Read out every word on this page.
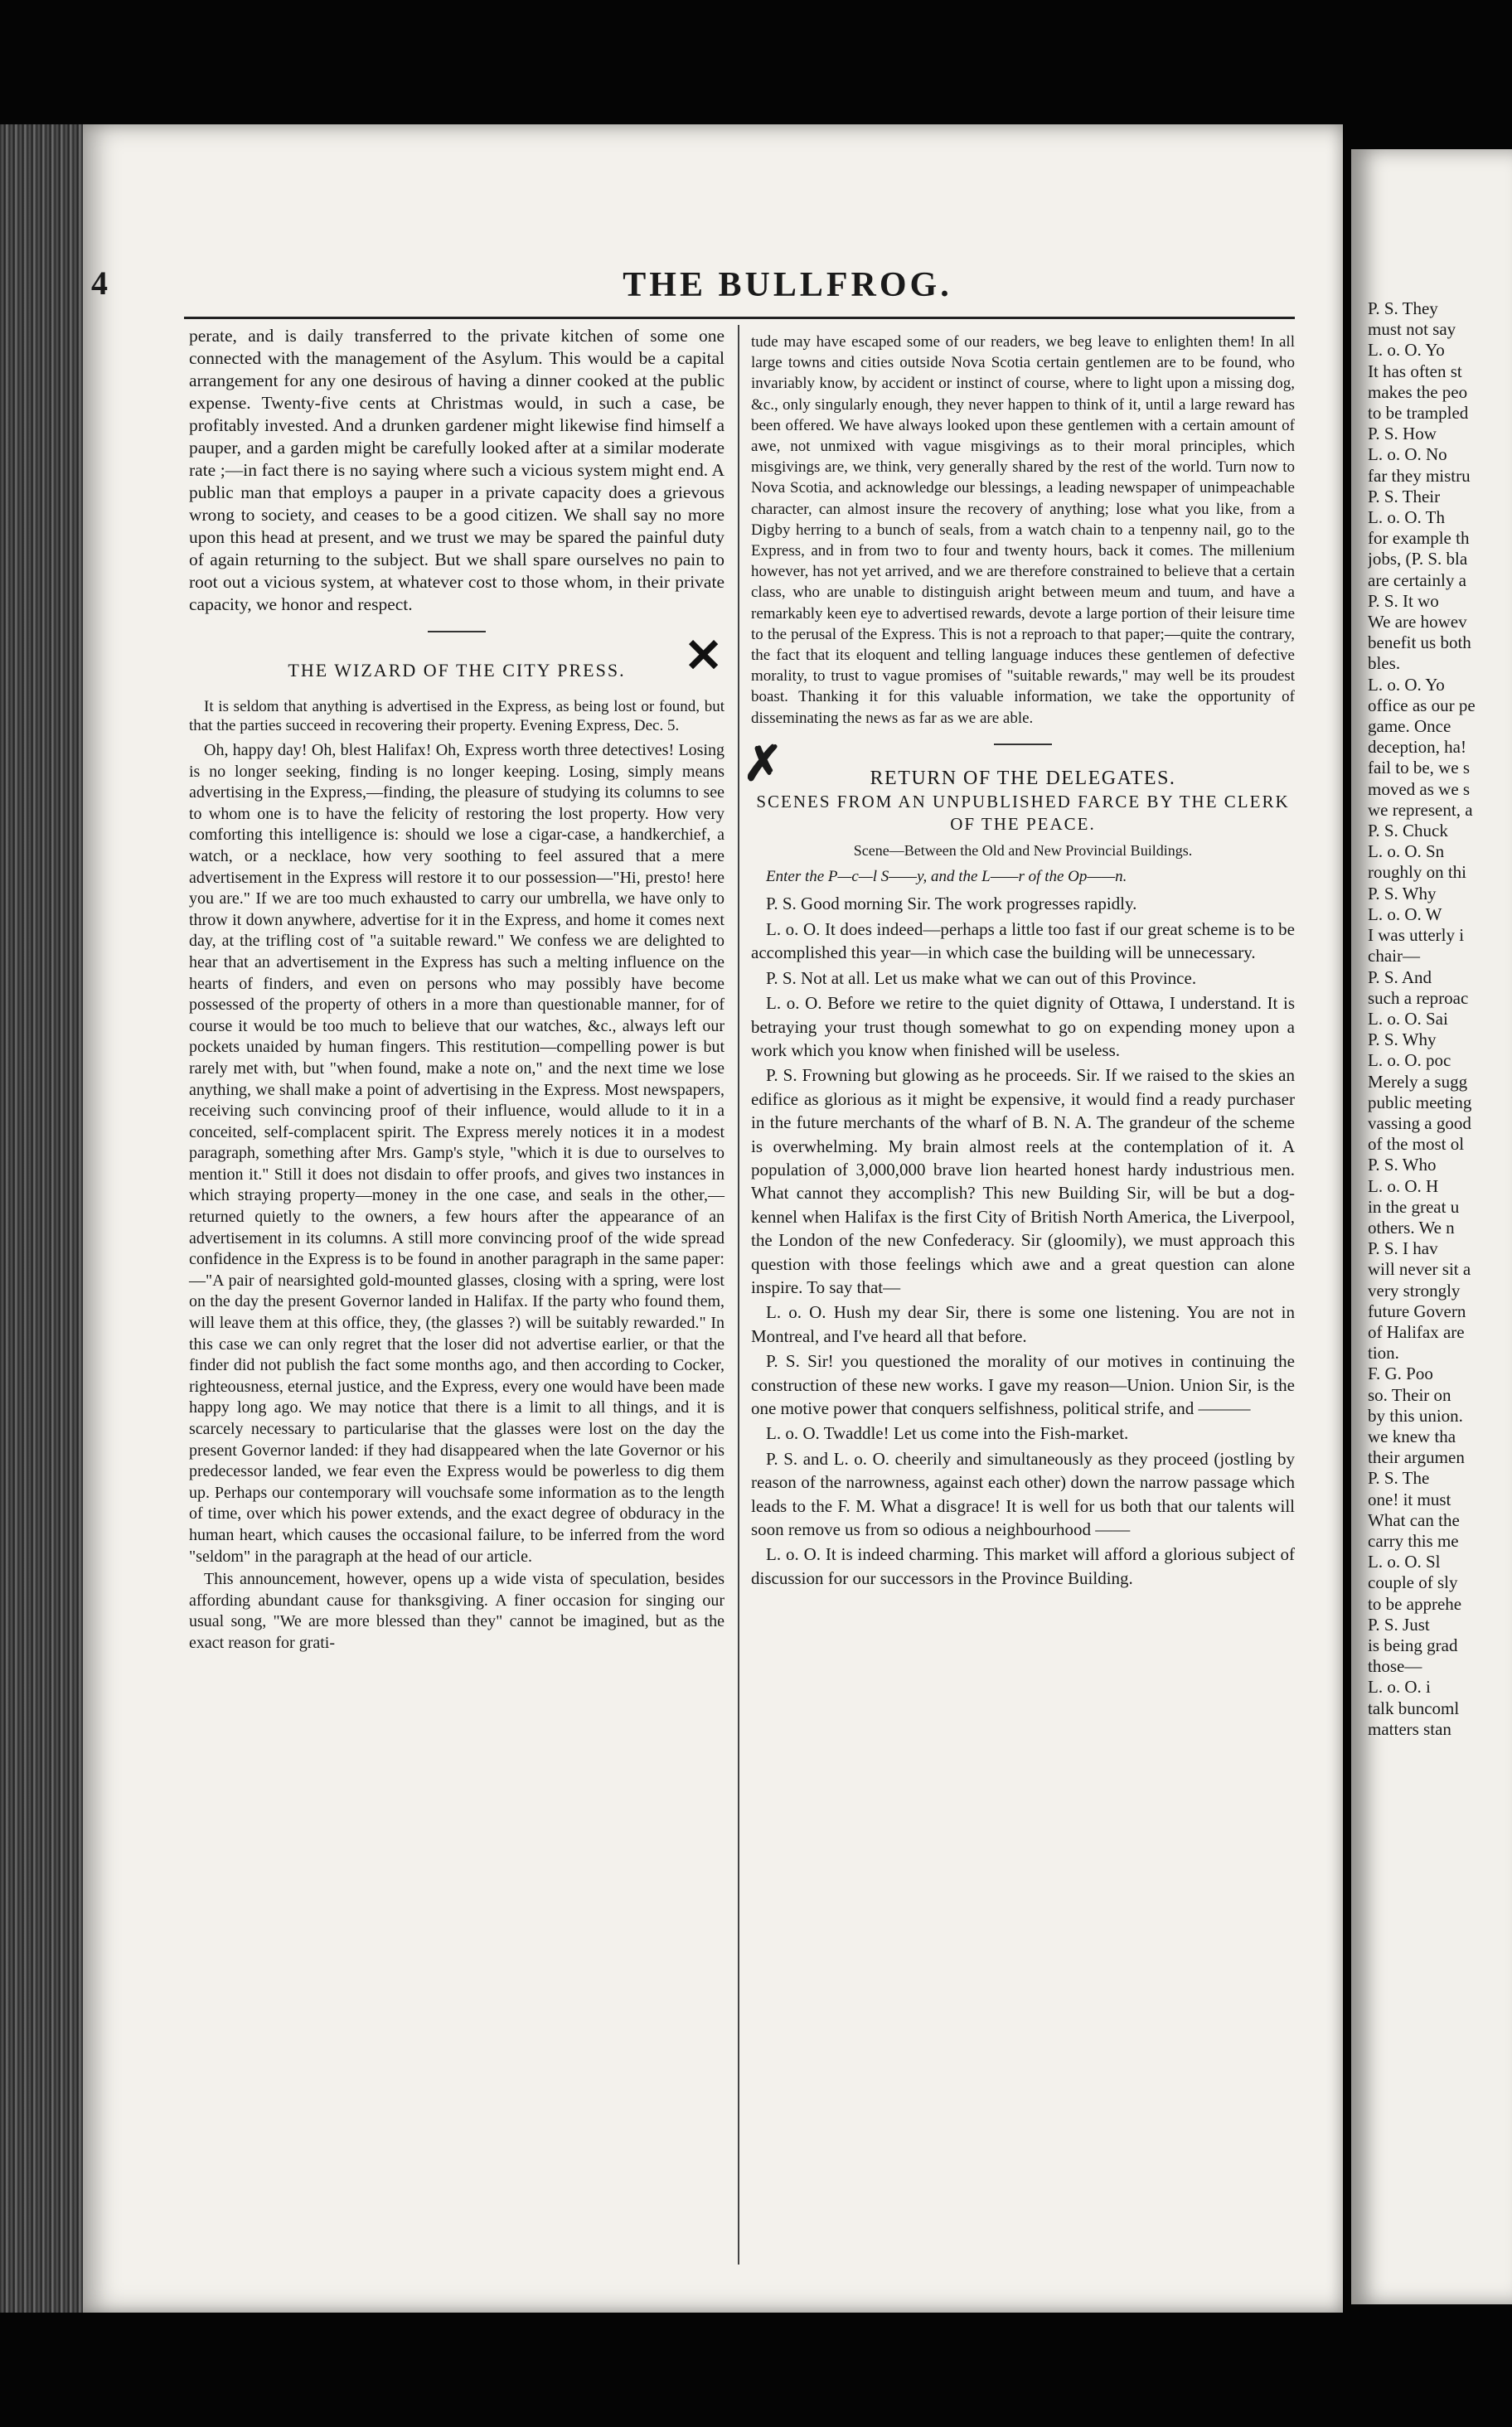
P. S. They
must not say
L. o. O. Yo
It has often st
makes the peo
to be trampled
P. S. How
L. o. O. No
far they mistru
P. S. Their
L. o. O. Th
for example th
jobs, (P. S. bla
are certainly a
P. S. It wo
We are howev
benefit us both
bles.
L. o. O. Yo
office as our pe
game. Once
deception, ha!
fail to be, we s
moved as we s
we represent, a
P. S. Chuck
L. o. O. Sn
roughly on thi
P. S. Why
L. o. O. W
I was utterly i
chair—
P. S. And
such a reproac
L. o. O. Sai
P. S. Why
L. o. O. poc
Merely a sugg
public meeting
vassing a good
of the most ol
P. S. Who
L. o. O. H
in the great u
others. We n
P. S. I hav
will never sit a
very strongly
future Govern
of Halifax are
tion.
F. G. Poo
so. Their on
by this union.
we knew tha
their argumen
P. S. The
one! it must
What can the
carry this me
L. o. O. Sl
couple of sly
to be apprehe
P. S. Just
is being grad
those—
L. o. O. i
talk buncoml
matters stan
4	THE BULLFROG.

perate, and is daily transferred to the private kitchen of some one connected with the management of the Asylum. This would be a capital arrangement for any one desirous of having a dinner cooked at the public expense. Twenty-five cents at Christmas would, in such a case, be profitably invested. And a drunken gardener might likewise find himself a pauper, and a garden might be carefully looked after at a similar moderate rate ;—in fact there is no saying where such a vicious system might end. A public man that employs a pauper in a private capacity does a grievous wrong to society, and ceases to be a good citizen. We shall say no more upon this head at present, and we trust we may be spared the painful duty of again returning to the subject. But we shall spare ourselves no pain to root out a vicious system, at whatever cost to those whom, in their private capacity, we honor and respect.

THE WIZARD OF THE CITY PRESS. ✕

It is seldom that anything is advertised in the Express, as being lost or found, but that the parties succeed in recovering their property. Evening Express, Dec. 5.

Oh, happy day! Oh, blest Halifax! Oh, Express worth three detectives! Losing is no longer seeking, finding is no longer keeping. Losing, simply means advertising in the Express,—finding, the pleasure of studying its columns to see to whom one is to have the felicity of restoring the lost property. How very comforting this intelligence is: should we lose a cigar-case, a handkerchief, a watch, or a necklace, how very soothing to feel assured that a mere advertisement in the Express will restore it to our possession—"Hi, presto! here you are." If we are too much exhausted to carry our umbrella, we have only to throw it down anywhere, advertise for it in the Express, and home it comes next day, at the trifling cost of "a suitable reward." We confess we are delighted to hear that an advertisement in the Express has such a melting influence on the hearts of finders, and even on persons who may possibly have become possessed of the property of others in a more than questionable manner, for of course it would be too much to believe that our watches, &c., always left our pockets unaided by human fingers. This restitution—compelling power is but rarely met with, but "when found, make a note on," and the next time we lose anything, we shall make a point of advertising in the Express. Most newspapers, receiving such convincing proof of their influence, would allude to it in a conceited, self-complacent spirit. The Express merely notices it in a modest paragraph, something after Mrs. Gamp's style, "which it is due to ourselves to mention it." Still it does not disdain to offer proofs, and gives two instances in which straying property—money in the one case, and seals in the other,—returned quietly to the owners, a few hours after the appearance of an advertisement in its columns. A still more convincing proof of the wide spread confidence in the Express is to be found in another paragraph in the same paper:—"A pair of nearsighted gold-mounted glasses, closing with a spring, were lost on the day the present Governor landed in Halifax. If the party who found them, will leave them at this office, they, (the glasses ?) will be suitably rewarded." In this case we can only regret that the loser did not advertise earlier, or that the finder did not publish the fact some months ago, and then according to Cocker, righteousness, eternal justice, and the Express, every one would have been made happy long ago. We may notice that there is a limit to all things, and it is scarcely necessary to particularise that the glasses were lost on the day the present Governor landed: if they had disappeared when the late Governor or his predecessor landed, we fear even the Express would be powerless to dig them up. Perhaps our contemporary will vouchsafe some information as to the length of time, over which his power extends, and the exact degree of obduracy in the human heart, which causes the occasional failure, to be inferred from the word "seldom" in the paragraph at the head of our article.

This announcement, however, opens up a wide vista of speculation, besides affording abundant cause for thanksgiving. A finer occasion for singing our usual song, "We are more blessed than they" cannot be imagined, but as the exact reason for grati-

tude may have escaped some of our readers, we beg leave to enlighten them! In all large towns and cities outside Nova Scotia certain gentlemen are to be found, who invariably know, by accident or instinct of course, where to light upon a missing dog, &c., only singularly enough, they never happen to think of it, until a large reward has been offered. We have always looked upon these gentlemen with a certain amount of awe, not unmixed with vague misgivings as to their moral principles, which misgivings are, we think, very generally shared by the rest of the world. Turn now to Nova Scotia, and acknowledge our blessings, a leading newspaper of unimpeachable character, can almost insure the recovery of anything; lose what you like, from a Digby herring to a bunch of seals, from a watch chain to a tenpenny nail, go to the Express, and in from two to four and twenty hours, back it comes. The millenium however, has not yet arrived, and we are therefore constrained to believe that a certain class, who are unable to distinguish aright between meum and tuum, and have a remarkably keen eye to advertised rewards, devote a large portion of their leisure time to the perusal of the Express. This is not a reproach to that paper;—quite the contrary, the fact that its eloquent and telling language induces these gentlemen of defective morality, to trust to vague promises of "suitable rewards," may well be its proudest boast. Thanking it for this valuable information, we take the opportunity of disseminating the news as far as we are able.

✗	RETURN OF THE DELEGATES.
SCENES FROM AN UNPUBLISHED FARCE BY THE CLERK OF THE PEACE.
Scene—Between the Old and New Provincial Buildings.
Enter the P—c—l S——y, and the L——r of the Op——n.

P. S. Good morning Sir. The work progresses rapidly.

L. o. O. It does indeed—perhaps a little too fast if our great scheme is to be accomplished this year—in which case the building will be unnecessary.

P. S. Not at all. Let us make what we can out of this Province.

L. o. O. Before we retire to the quiet dignity of Ottawa, I understand. It is betraying your trust though somewhat to go on expending money upon a work which you know when finished will be useless.

P. S. Frowning but glowing as he proceeds. Sir. If we raised to the skies an edifice as glorious as it might be expensive, it would find a ready purchaser in the future merchants of the wharf of B. N. A. The grandeur of the scheme is overwhelming. My brain almost reels at the contemplation of it. A population of 3,000,000 brave lion hearted honest hardy industrious men. What cannot they accomplish? This new Building Sir, will be but a dog-kennel when Halifax is the first City of British North America, the Liverpool, the London of the new Confederacy. Sir (gloomily), we must approach this question with those feelings which awe and a great question can alone inspire. To say that—

L. o. O. Hush my dear Sir, there is some one listening. You are not in Montreal, and I've heard all that before.

P. S. Sir! you questioned the morality of our motives in continuing the construction of these new works. I gave my reason—Union. Union Sir, is the one motive power that conquers selfishness, political strife, and ———

L. o. O. Twaddle! Let us come into the Fish-market.

P. S. and L. o. O. cheerily and simultaneously as they proceed (jostling by reason of the narrowness, against each other) down the narrow passage which leads to the F. M. What a disgrace! It is well for us both that our talents will soon remove us from so odious a neighbourhood ——

L. o. O. It is indeed charming. This market will afford a glorious subject of discussion for our successors in the Province Building.
